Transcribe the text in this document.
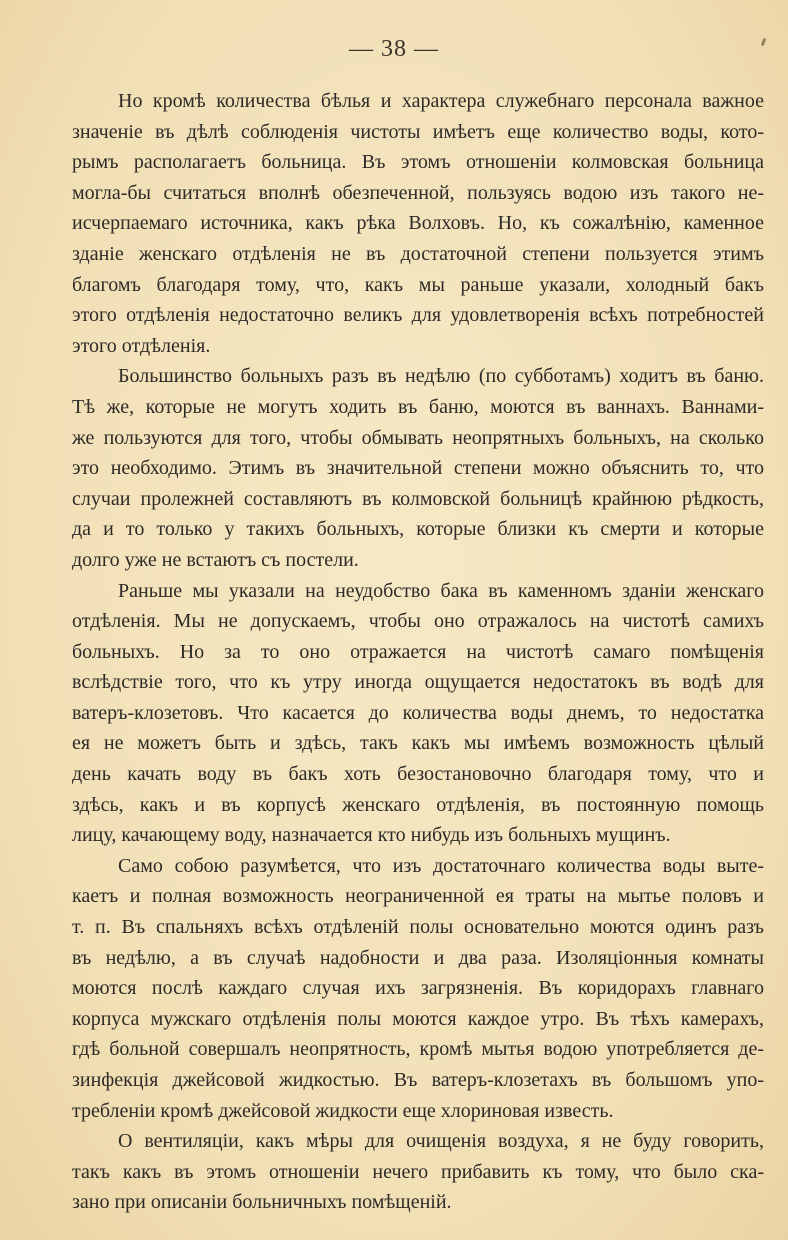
— 38 —
Но кромѣ количества бѣлья и характера служебнаго персонала важное
значеніе въ дѣлѣ соблюденія чистоты имѣетъ еще количество воды, кото-
рымъ располагаетъ больница. Въ этомъ отношеніи колмовская больница
могла-бы считаться вполнѣ обезпеченной, пользуясь водою изъ такого не-
исчерпаемаго источника, какъ рѣка Волховъ. Но, къ сожалѣнію, каменное
зданіе женскаго отдѣленія не въ достаточной степени пользуется этимъ
благомъ благодаря тому, что, какъ мы раньше указали, холодный бакъ
этого отдѣленія недостаточно великъ для удовлетворенія всѣхъ потребностей
этого отдѣленія.
Большинство больныхъ разъ въ недѣлю (по субботамъ) ходитъ въ баню.
Тѣ же, которые не могутъ ходить въ баню, моются въ ваннахъ. Ваннами-
же пользуются для того, чтобы обмывать неопрятныхъ больныхъ, на сколько
это необходимо. Этимъ въ значительной степени можно объяснить то, что
случаи пролежней составляютъ въ колмовской больницѣ крайнюю рѣдкость,
да и то только у такихъ больныхъ, которые близки къ смерти и которые
долго уже не встаютъ съ постели.
Раньше мы указали на неудобство бака въ каменномъ зданіи женскаго
отдѣленія. Мы не допускаемъ, чтобы оно отражалось на чистотѣ самихъ
больныхъ. Но за то оно отражается на чистотѣ самаго помѣщенія
вслѣдствіе того, что къ утру иногда ощущается недостатокъ въ водѣ для
ватеръ-клозетовъ. Что касается до количества воды днемъ, то недостатка
ея не можетъ быть и здѣсь, такъ какъ мы имѣемъ возможность цѣлый
день качать воду въ бакъ хоть безостановочно благодаря тому, что и
здѣсь, какъ и въ корпусѣ женскаго отдѣленія, въ постоянную помощь
лицу, качающему воду, назначается кто нибудь изъ больныхъ мущинъ.
Само собою разумѣется, что изъ достаточнаго количества воды выте-
каетъ и полная возможность неограниченной ея траты на мытье половъ и
т. п. Въ спальняхъ всѣхъ отдѣленій полы основательно моются одинъ разъ
въ недѣлю, а въ случаѣ надобности и два раза. Изоляціонныя комнаты
моются послѣ каждаго случая ихъ загрязненія. Въ коридорахъ главнаго
корпуса мужскаго отдѣленія полы моются каждое утро. Въ тѣхъ камерахъ,
гдѣ больной совершалъ неопрятность, кромѣ мытья водою употребляется де-
зинфекція джейсовой жидкостью. Въ ватеръ-клозетахъ въ большомъ упо-
требленіи кромѣ джейсовой жидкости еще хлориновая известь.
О вентиляціи, какъ мѣры для очищенія воздуха, я не буду говорить,
такъ какъ въ этомъ отношеніи нечего прибавить къ тому, что было ска-
зано при описаніи больничныхъ помѣщеній.
